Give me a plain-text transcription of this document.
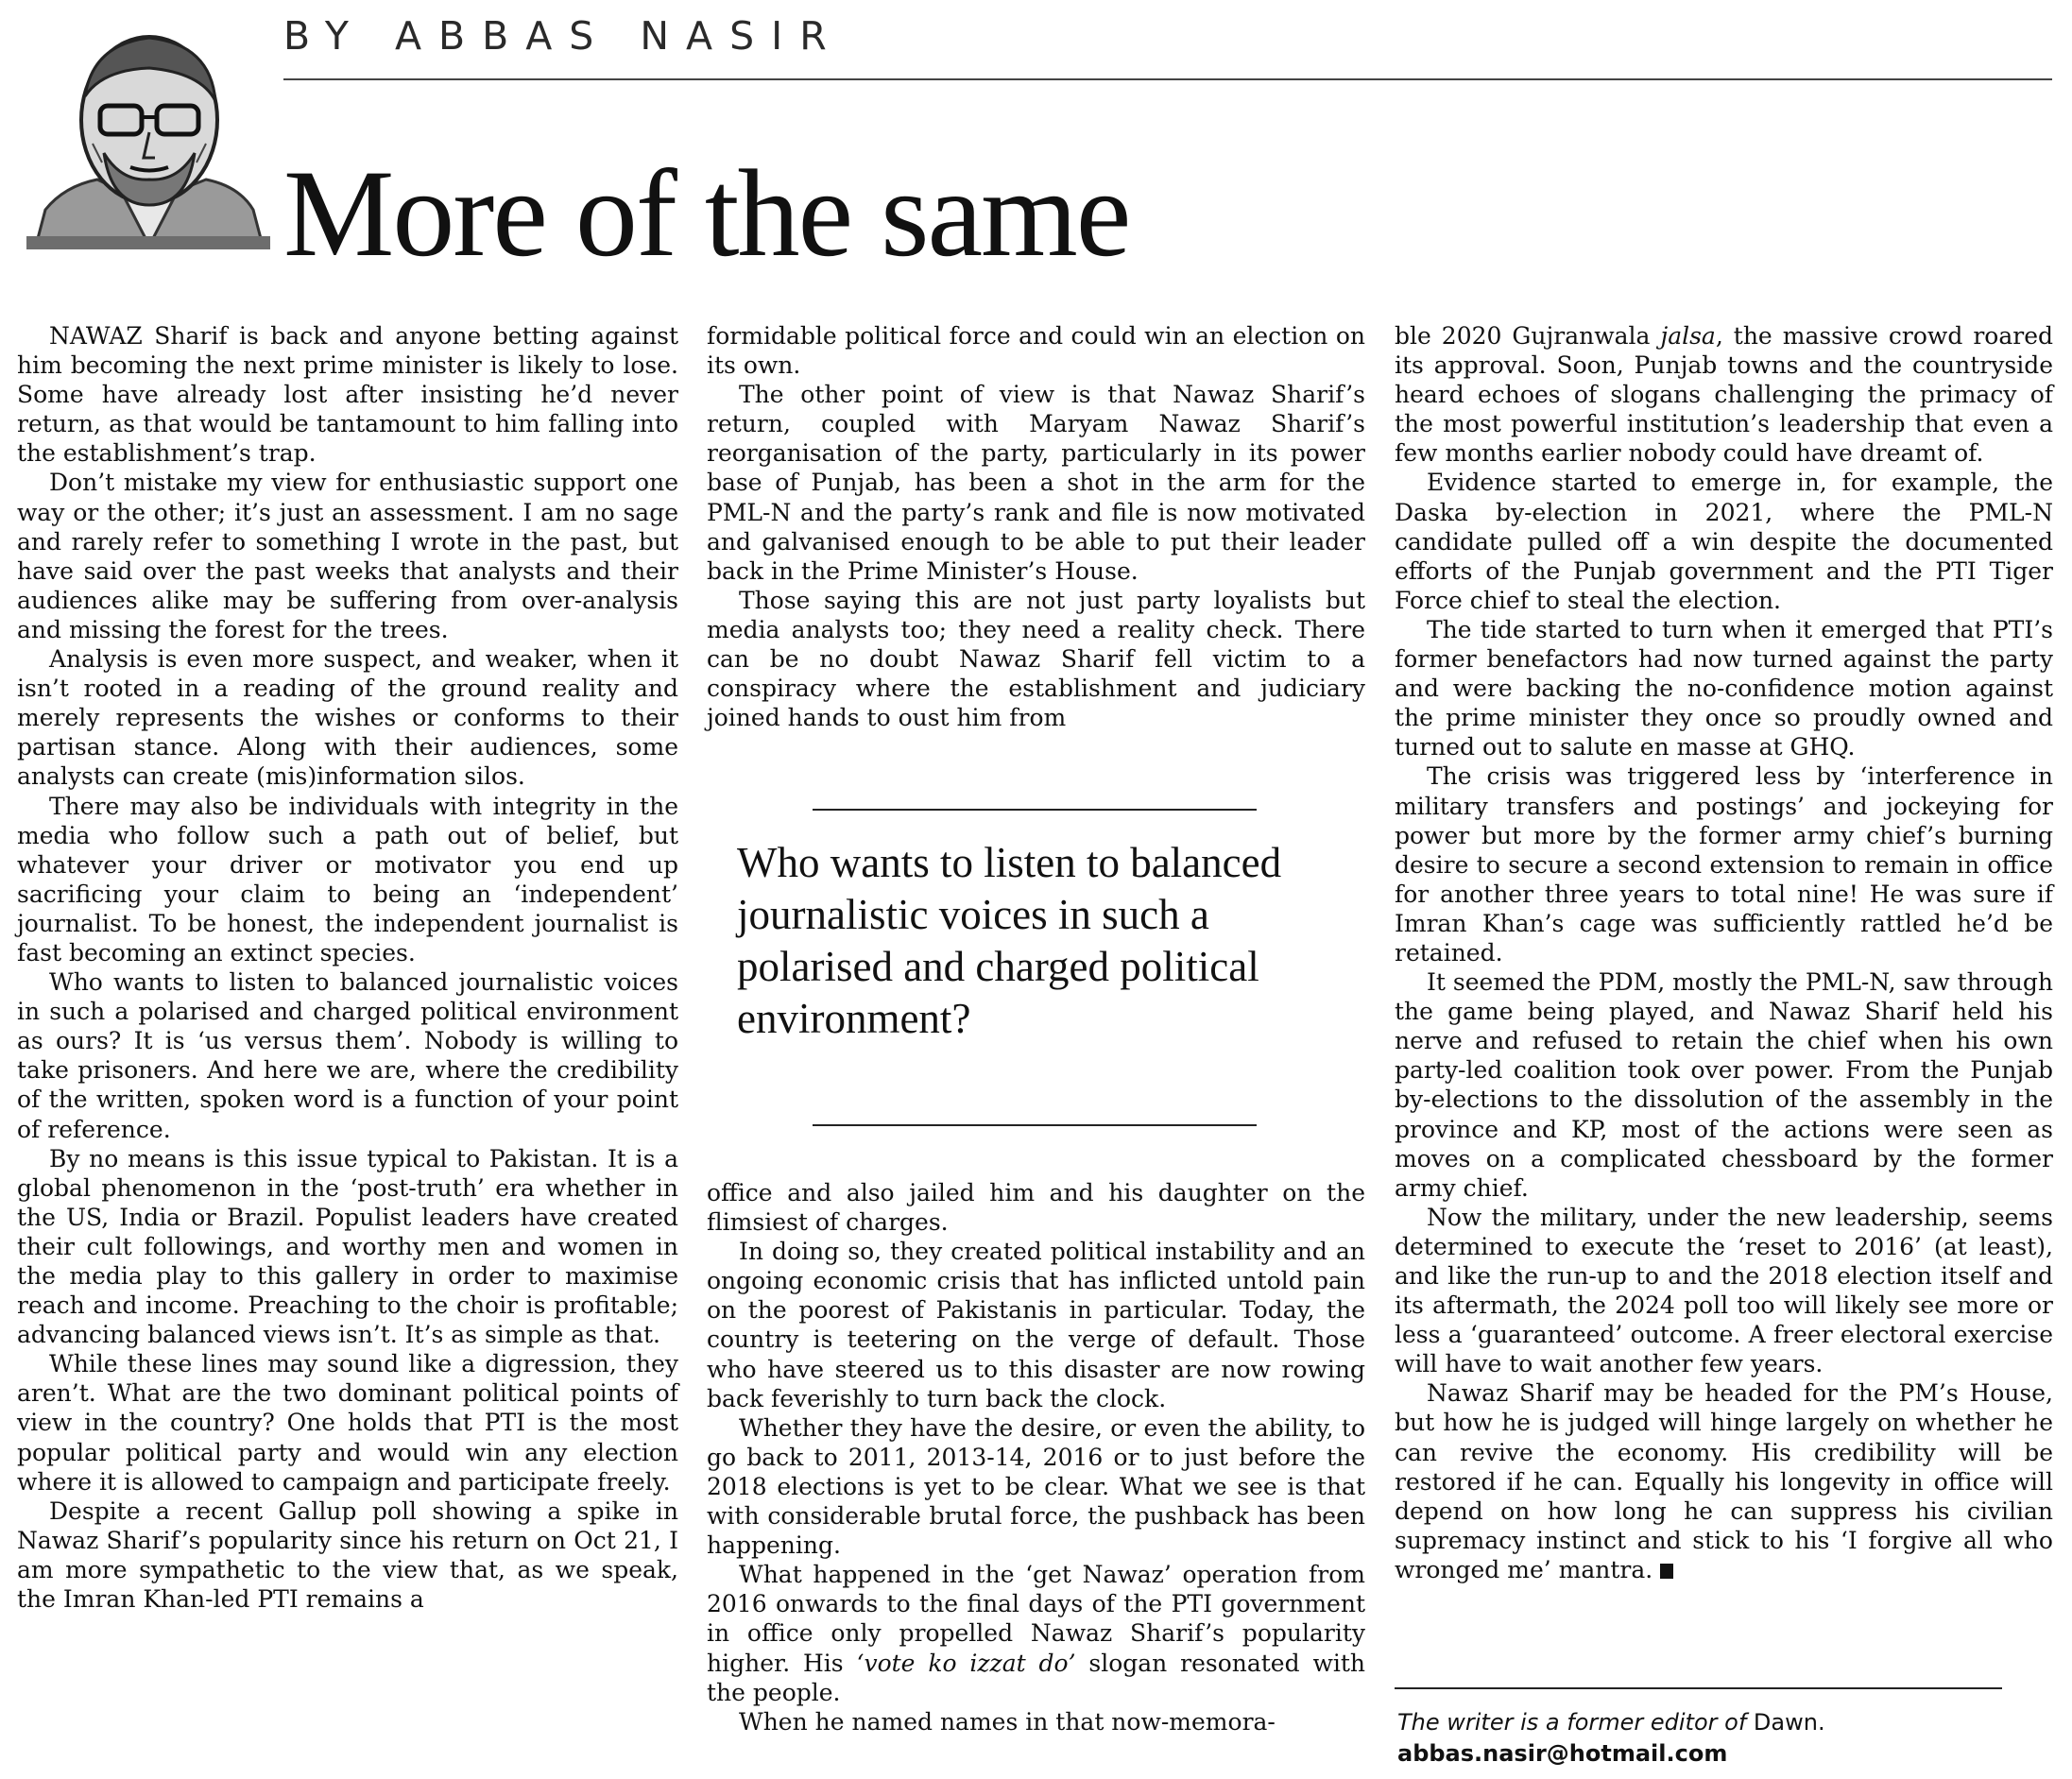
BY ABBAS NASIR
More of the same

NAWAZ Sharif is back and anyone betting against him becoming the next prime minister is likely to lose. Some have already lost after insisting he’d never return, as that would be tantamount to him falling into the establishment’s trap.

Don’t mistake my view for enthusiastic support one way or the other; it’s just an assessment. I am no sage and rarely refer to something I wrote in the past, but have said over the past weeks that analysts and their audiences alike may be suffering from over-analysis and missing the forest for the trees.

Analysis is even more suspect, and weaker, when it isn’t rooted in a reading of the ground reality and merely represents the wishes or conforms to their partisan stance. Along with their audiences, some analysts can create (mis)information silos.

There may also be individuals with integrity in the media who follow such a path out of belief, but whatever your driver or motivator you end up sacrificing your claim to being an ‘independent’ journalist. To be honest, the independent journalist is fast becoming an extinct species.

Who wants to listen to balanced journalistic voices in such a polarised and charged political environment as ours? It is ‘us versus them’. Nobody is willing to take prisoners. And here we are, where the credibility of the written, spoken word is a function of your point of reference.

By no means is this issue typical to Pakistan. It is a global phenomenon in the ‘post-truth’ era whether in the US, India or Brazil. Populist leaders have created their cult followings, and worthy men and women in the media play to this gallery in order to maximise reach and income. Preaching to the choir is profitable; advancing balanced views isn’t. It’s as simple as that.

While these lines may sound like a digression, they aren’t. What are the two dominant political points of view in the country? One holds that PTI is the most popular political party and would win any election where it is allowed to campaign and participate freely.

Despite a recent Gallup poll showing a spike in Nawaz Sharif’s popularity since his return on Oct 21, I am more sympathetic to the view that, as we speak, the Imran Khan-led PTI remains a

formidable political force and could win an election on its own.

The other point of view is that Nawaz Sharif’s return, coupled with Maryam Nawaz Sharif’s reorganisation of the party, particularly in its power base of Punjab, has been a shot in the arm for the PML-N and the party’s rank and file is now motivated and galvanised enough to be able to put their leader back in the Prime Minister’s House.

Those saying this are not just party loyalists but media analysts too; they need a reality check. There can be no doubt Nawaz Sharif fell victim to a conspiracy where the establishment and judiciary joined hands to oust him from

Who wants to listen to balanced journalistic voices in such a polarised and charged political environment?

office and also jailed him and his daughter on the flimsiest of charges.

In doing so, they created political instability and an ongoing economic crisis that has inflicted untold pain on the poorest of Pakistanis in particular. Today, the country is teetering on the verge of default. Those who have steered us to this disaster are now rowing back feverishly to turn back the clock.

Whether they have the desire, or even the ability, to go back to 2011, 2013-14, 2016 or to just before the 2018 elections is yet to be clear. What we see is that with considerable brutal force, the pushback has been happening.

What happened in the ‘get Nawaz’ operation from 2016 onwards to the final days of the PTI government in office only propelled Nawaz Sharif’s popularity higher. His ‘vote ko izzat do’ slogan resonated with the people.

When he named names in that now-memora-

ble 2020 Gujranwala jalsa, the massive crowd roared its approval. Soon, Punjab towns and the countryside heard echoes of slogans challenging the primacy of the most powerful institution’s leadership that even a few months earlier nobody could have dreamt of.

Evidence started to emerge in, for example, the Daska by-election in 2021, where the PML-N candidate pulled off a win despite the documented efforts of the Punjab government and the PTI Tiger Force chief to steal the election.

The tide started to turn when it emerged that PTI’s former benefactors had now turned against the party and were backing the no-confidence motion against the prime minister they once so proudly owned and turned out to salute en masse at GHQ.

The crisis was triggered less by ‘interference in military transfers and postings’ and jockeying for power but more by the former army chief’s burning desire to secure a second extension to remain in office for another three years to total nine! He was sure if Imran Khan’s cage was sufficiently rattled he’d be retained.

It seemed the PDM, mostly the PML-N, saw through the game being played, and Nawaz Sharif held his nerve and refused to retain the chief when his own party-led coalition took over power. From the Punjab by-elections to the dissolution of the assembly in the province and KP, most of the actions were seen as moves on a complicated chessboard by the former army chief.

Now the military, under the new leadership, seems determined to execute the ‘reset to 2016’ (at least), and like the run-up to and the 2018 election itself and its aftermath, the 2024 poll too will likely see more or less a ‘guaranteed’ outcome. A freer electoral exercise will have to wait another few years.

Nawaz Sharif may be headed for the PM’s House, but how he is judged will hinge largely on whether he can revive the economy. His credibility will be restored if he can. Equally his longevity in office will depend on how long he can suppress his civilian supremacy instinct and stick to his ‘I forgive all who wronged me’ mantra.

The writer is a former editor of Dawn.
abbas.nasir@hotmail.com
